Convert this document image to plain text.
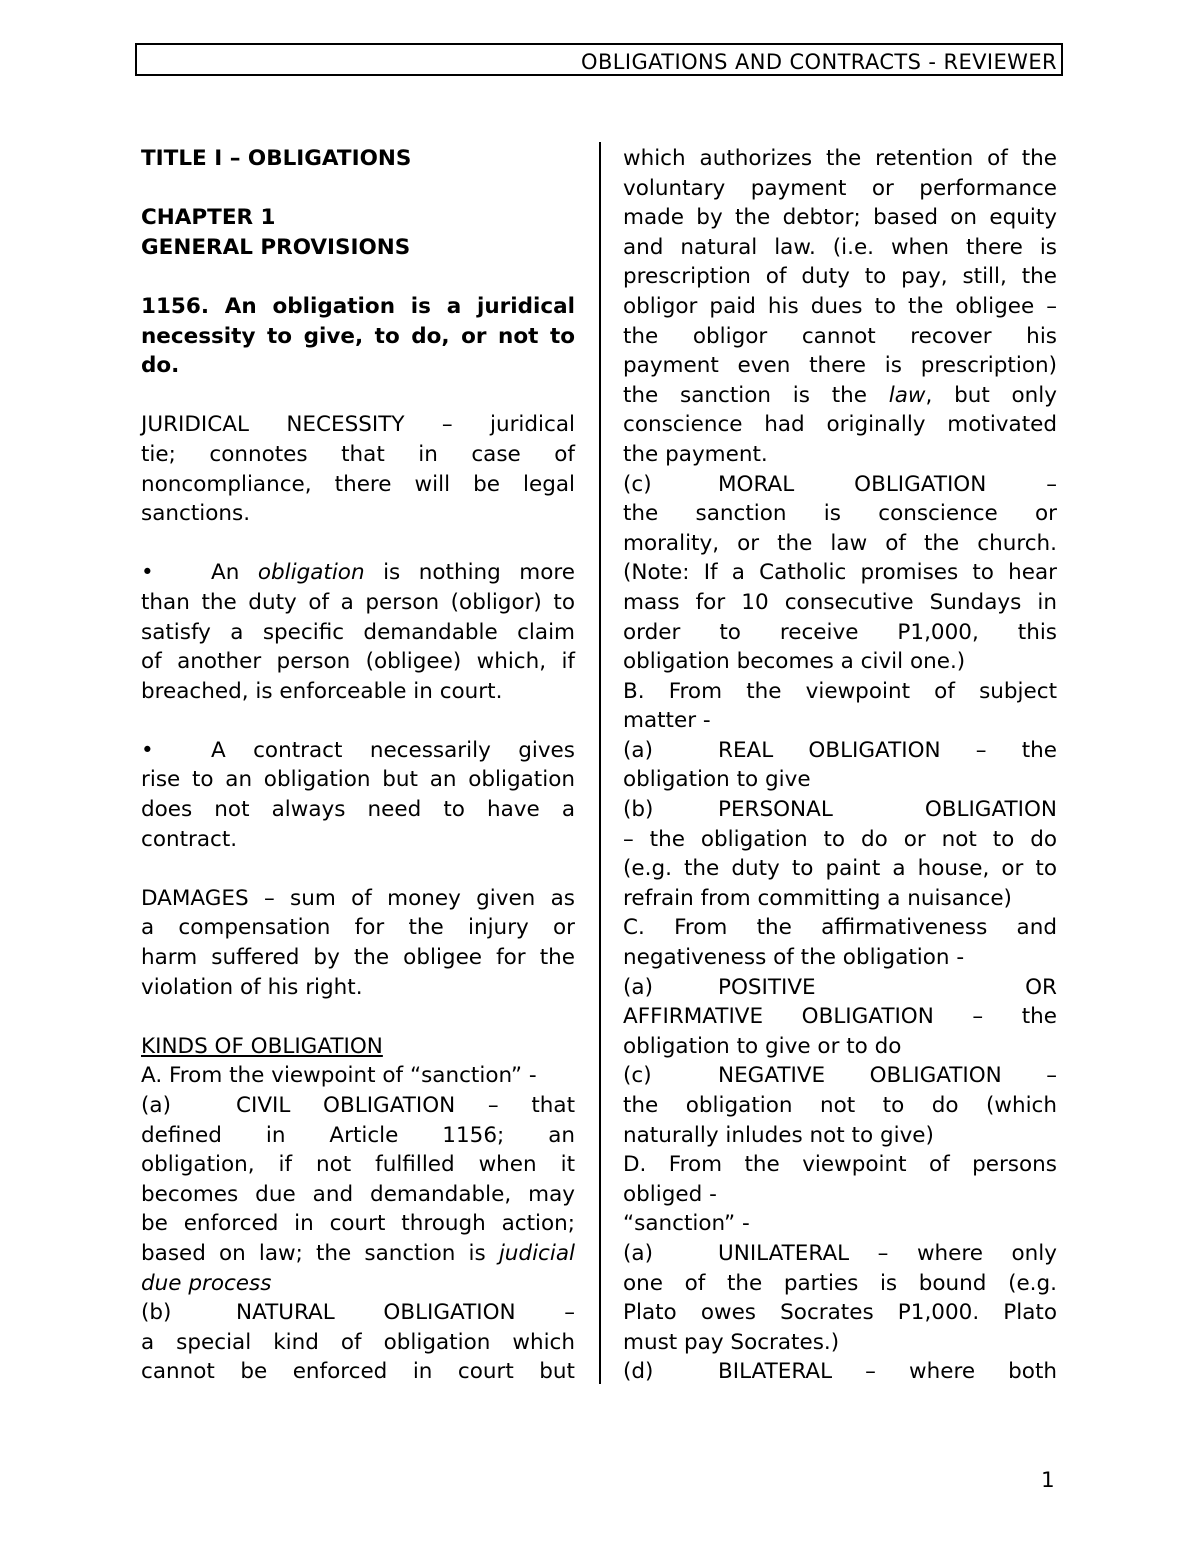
OBLIGATIONS AND CONTRACTS - REVIEWER

TITLE I – OBLIGATIONS

CHAPTER 1

GENERAL PROVISIONS

1156. An obligation is a juridical

necessity to give, to do, or not to

do.

JURIDICAL NECESSITY – juridical

tie; connotes that in case of

noncompliance, there will be legal

sanctions.

•	An obligation is nothing more

than the duty of a person (obligor) to

satisfy a specific demandable claim

of another person (obligee) which, if

breached, is enforceable in court.

•	A contract necessarily gives

rise to an obligation but an obligation

does not always need to have a

contract.

DAMAGES – sum of money given as

a compensation for the injury or

harm suffered by the obligee for the

violation of his right.

KINDS OF OBLIGATION

A. From the viewpoint of “sanction” -

(a)	CIVIL OBLIGATION – that

defined in Article 1156; an

obligation, if not fulfilled when it

becomes due and demandable, may

be enforced in court through action;

based on law; the sanction is judicial

due process

(b)	NATURAL OBLIGATION –

a special kind of obligation which

cannot be enforced in court but

which authorizes the retention of the

voluntary payment or performance

made by the debtor; based on equity

and natural law. (i.e. when there is

prescription of duty to pay, still, the

obligor paid his dues to the obligee –

the obligor cannot recover his

payment even there is prescription)

the sanction is the law, but only

conscience had originally motivated

the payment.

(c)	MORAL OBLIGATION –

the sanction is conscience or

morality, or the law of the church.

(Note: If a Catholic promises to hear

mass for 10 consecutive Sundays in

order to receive P1,000, this

obligation becomes a civil one.)

B. From the viewpoint of subject

matter -

(a)	REAL OBLIGATION – the

obligation to give

(b)	PERSONAL OBLIGATION

– the obligation to do or not to do

(e.g. the duty to paint a house, or to

refrain from committing a nuisance)

C. From the affirmativeness and

negativeness of the obligation -

(a)	POSITIVE OR

AFFIRMATIVE OBLIGATION – the

obligation to give or to do

(c)	NEGATIVE OBLIGATION –

the obligation not to do (which

naturally inludes not to give)

D. From the viewpoint of persons

obliged -

“sanction” -

(a)	UNILATERAL – where only

one of the parties is bound (e.g.

Plato owes Socrates P1,000. Plato

must pay Socrates.)

(d)	BILATERAL – where both

1
